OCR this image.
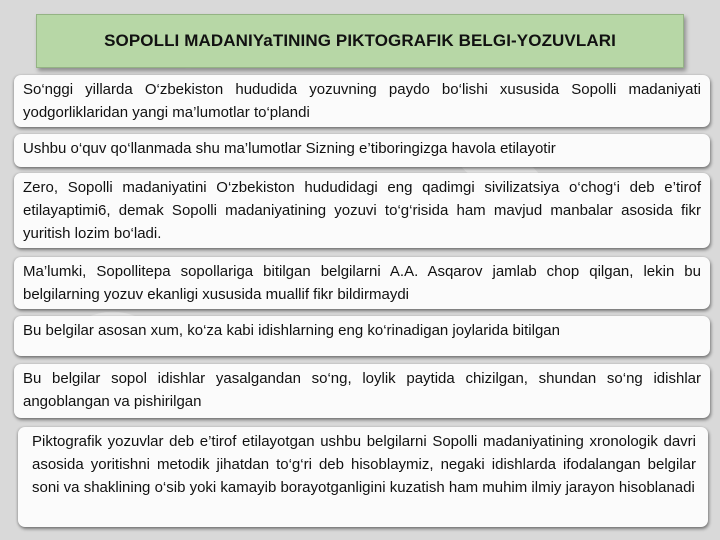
SOPOLLI MADANIYaTINING PIKTOGRAFIK BELGI-YOZUVLARI

So‘nggi yillarda O‘zbekiston hududida yozuvning paydo bo‘lishi xususida Sopolli madaniyati yodgorliklaridan yangi ma’lumotlar to‘plandi

Ushbu o‘quv qo‘llanmada shu ma’lumotlar Sizning e’tiboringizga havola etilayotir

Zero, Sopolli madaniyatini O‘zbekiston hududidagi eng qadimgi sivilizatsiya o‘chog‘i deb e’tirof etilayaptimi6, demak Sopolli madaniyatining yozuvi to‘g‘risida ham mavjud manbalar asosida fikr yuritish lozim bo‘ladi.

Ma’lumki, Sopollitepa sopollariga bitilgan belgilarni A.A. Asqarov jamlab chop qilgan, lekin bu belgilarning yozuv ekanligi xususida muallif fikr bildirmaydi

Bu belgilar asosan xum, ko‘za kabi idishlarning eng ko‘rinadigan joylarida bitilgan

Bu belgilar sopol idishlar yasalgandan so‘ng, loylik paytida chizilgan, shundan so‘ng idishlar angoblangan va pishirilgan

Piktografik yozuvlar deb e’tirof etilayotgan ushbu belgilarni Sopolli madaniyatining xronologik davri asosida yoritishni metodik jihatdan to‘g‘ri deb hisoblaymiz, negaki idishlarda ifodalangan belgilar soni va shaklining o‘sib yoki kamayib borayotganligini kuzatish ham muhim ilmiy jarayon hisoblanadi
